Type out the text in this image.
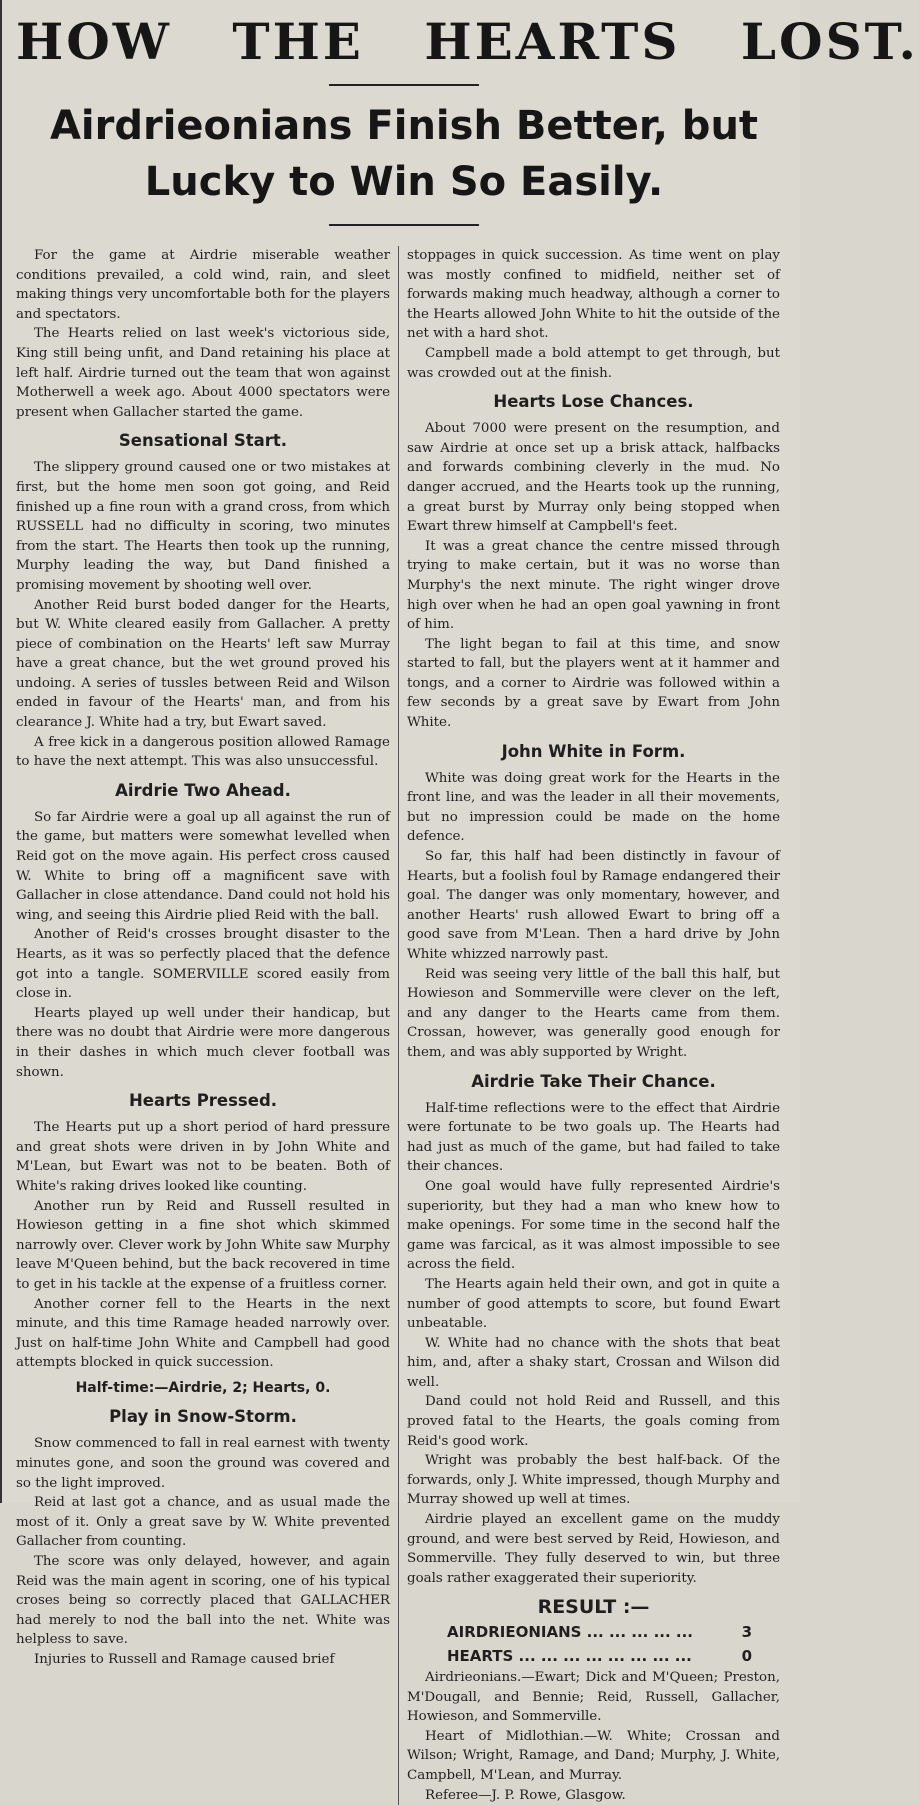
HOW THE HEARTS LOST.
Airdrieonians Finish Better, but
Lucky to Win So Easily.

For the game at Airdrie miserable weather conditions prevailed, a cold wind, rain, and sleet making things very uncomfortable both for the players and spectators.

The Hearts relied on last week's victorious side, King still being unfit, and Dand retaining his place at left half. Airdrie turned out the team that won against Motherwell a week ago. About 4000 spectators were present when Gallacher started the game.

Sensational Start.

The slippery ground caused one or two mistakes at first, but the home men soon got going, and Reid finished up a fine roun with a grand cross, from which RUSSELL had no difficulty in scoring, two minutes from the start. The Hearts then took up the running, Murphy leading the way, but Dand finished a promising movement by shooting well over.

Another Reid burst boded danger for the Hearts, but W. White cleared easily from Gallacher. A pretty piece of combination on the Hearts' left saw Murray have a great chance, but the wet ground proved his undoing. A series of tussles between Reid and Wilson ended in favour of the Hearts' man, and from his clearance J. White had a try, but Ewart saved.

A free kick in a dangerous position allowed Ramage to have the next attempt. This was also unsuccessful.

Airdrie Two Ahead.

So far Airdrie were a goal up all against the run of the game, but matters were somewhat levelled when Reid got on the move again. His perfect cross caused W. White to bring off a magnificent save with Gallacher in close attendance. Dand could not hold his wing, and seeing this Airdrie plied Reid with the ball.

Another of Reid's crosses brought disaster to the Hearts, as it was so perfectly placed that the defence got into a tangle. SOMERVILLE scored easily from close in.

Hearts played up well under their handicap, but there was no doubt that Airdrie were more dangerous in their dashes in which much clever football was shown.

Hearts Pressed.

The Hearts put up a short period of hard pressure and great shots were driven in by John White and M'Lean, but Ewart was not to be beaten. Both of White's raking drives looked like counting.

Another run by Reid and Russell resulted in Howieson getting in a fine shot which skimmed narrowly over. Clever work by John White saw Murphy leave M'Queen behind, but the back recovered in time to get in his tackle at the expense of a fruitless corner.

Another corner fell to the Hearts in the next minute, and this time Ramage headed narrowly over. Just on half-time John White and Campbell had good attempts blocked in quick succession.

Half-time:—Airdrie, 2; Hearts, 0.
Play in Snow-Storm.

Snow commenced to fall in real earnest with twenty minutes gone, and soon the ground was covered and so the light improved.

Reid at last got a chance, and as usual made the most of it. Only a great save by W. White prevented Gallacher from counting.

The score was only delayed, however, and again Reid was the main agent in scoring, one of his typical croses being so correctly placed that GALLACHER had merely to nod the ball into the net. White was helpless to save.

Injuries to Russell and Ramage caused brief

stoppages in quick succession. As time went on play was mostly confined to midfield, neither set of forwards making much headway, although a corner to the Hearts allowed John White to hit the outside of the net with a hard shot.

Campbell made a bold attempt to get through, but was crowded out at the finish.

Hearts Lose Chances.

About 7000 were present on the resumption, and saw Airdrie at once set up a brisk attack, halfbacks and forwards combining cleverly in the mud. No danger accrued, and the Hearts took up the running, a great burst by Murray only being stopped when Ewart threw himself at Campbell's feet.

It was a great chance the centre missed through trying to make certain, but it was no worse than Murphy's the next minute. The right winger drove high over when he had an open goal yawning in front of him.

The light began to fail at this time, and snow started to fall, but the players went at it hammer and tongs, and a corner to Airdrie was followed within a few seconds by a great save by Ewart from John White.

John White in Form.

White was doing great work for the Hearts in the front line, and was the leader in all their movements, but no impression could be made on the home defence.

So far, this half had been distinctly in favour of Hearts, but a foolish foul by Ramage endangered their goal. The danger was only momentary, however, and another Hearts' rush allowed Ewart to bring off a good save from M'Lean. Then a hard drive by John White whizzed narrowly past.

Reid was seeing very little of the ball this half, but Howieson and Sommerville were clever on the left, and any danger to the Hearts came from them. Crossan, however, was generally good enough for them, and was ably supported by Wright.

Airdrie Take Their Chance.

Half-time reflections were to the effect that Airdrie were fortunate to be two goals up. The Hearts had had just as much of the game, but had failed to take their chances.

One goal would have fully represented Airdrie's superiority, but they had a man who knew how to make openings. For some time in the second half the game was farcical, as it was almost impossible to see across the field.

The Hearts again held their own, and got in quite a number of good attempts to score, but found Ewart unbeatable.

W. White had no chance with the shots that beat him, and, after a shaky start, Crossan and Wilson did well.

Dand could not hold Reid and Russell, and this proved fatal to the Hearts, the goals coming from Reid's good work.

Wright was probably the best half-back. Of the forwards, only J. White impressed, though Murphy and Murray showed up well at times.

Airdrie played an excellent game on the muddy ground, and were best served by Reid, Howieson, and Sommerville. They fully deserved to win, but three goals rather exaggerated their superiority.

RESULT :—
AIRDRIEONIANS ... ... ... ... ...	3
HEARTS ... ... ... ... ... ... ... ...	0

Airdrieonians.—Ewart; Dick and M'Queen; Preston, M'Dougall, and Bennie; Reid, Russell, Gallacher, Howieson, and Sommerville.

Heart of Midlothian.—W. White; Crossan and Wilson; Wright, Ramage, and Dand; Murphy, J. White, Campbell, M'Lean, and Murray.

Referee—J. P. Rowe, Glasgow.
